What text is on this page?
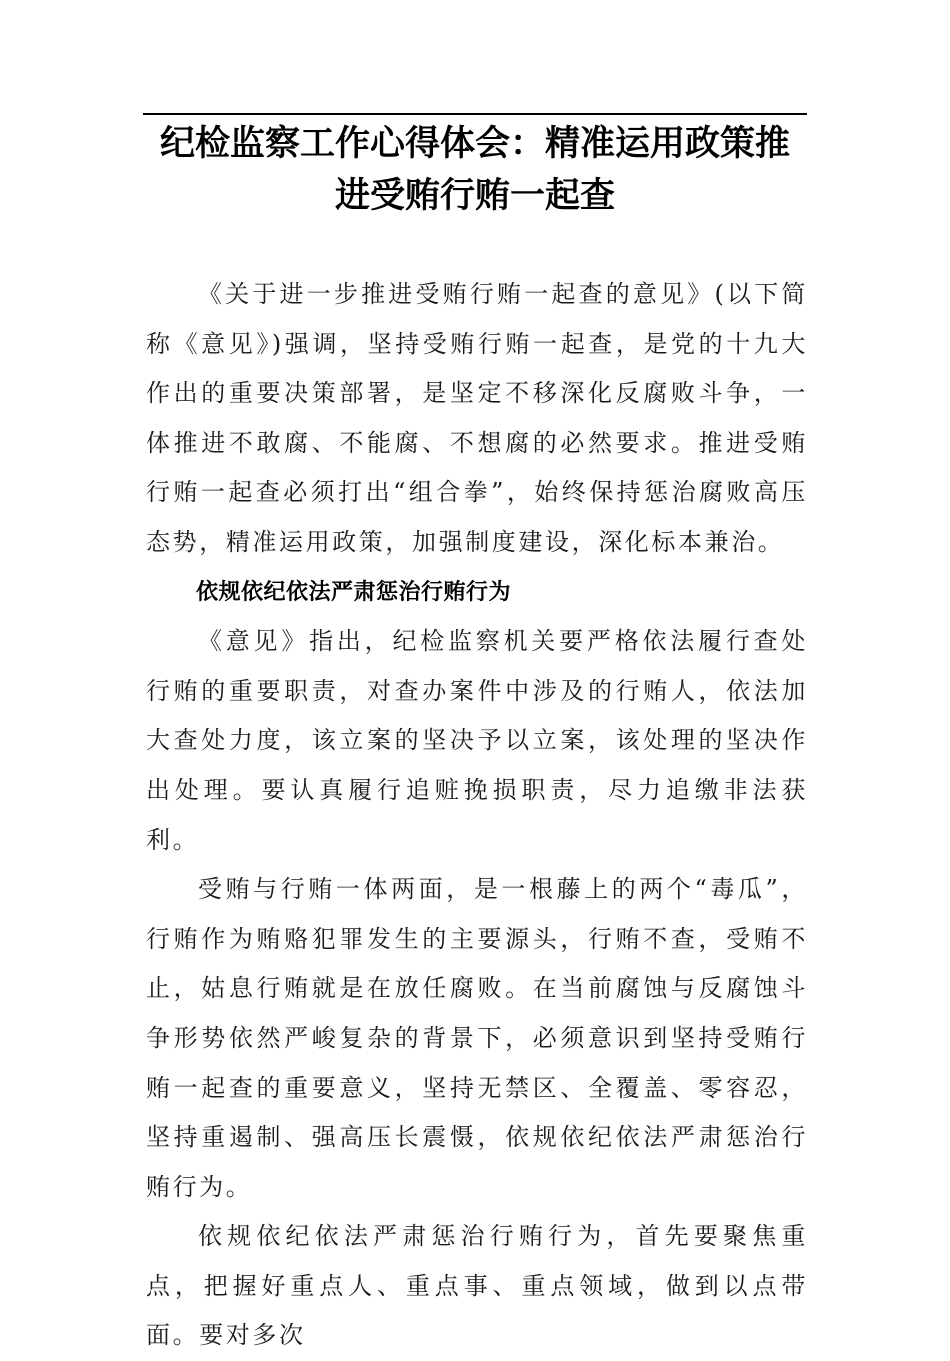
纪检监察工作心得体会：精准运用政策推进受贿行贿一起查

《关于进一步推进受贿行贿一起查的意见》(以下简称《意见》)强调，坚持受贿行贿一起查，是党的十九大作出的重要决策部署，是坚定不移深化反腐败斗争，一体推进不敢腐、不能腐、不想腐的必然要求。推进受贿行贿一起查必须打出“组合拳”，始终保持惩治腐败高压态势，精准运用政策，加强制度建设，深化标本兼治。

依规依纪依法严肃惩治行贿行为

《意见》指出，纪检监察机关要严格依法履行查处行贿的重要职责，对查办案件中涉及的行贿人，依法加大查处力度，该立案的坚决予以立案，该处理的坚决作出处理。要认真履行追赃挽损职责，尽力追缴非法获利。

受贿与行贿一体两面，是一根藤上的两个“毒瓜”，行贿作为贿赂犯罪发生的主要源头，行贿不查，受贿不止，姑息行贿就是在放任腐败。在当前腐蚀与反腐蚀斗争形势依然严峻复杂的背景下，必须意识到坚持受贿行贿一起查的重要意义，坚持无禁区、全覆盖、零容忍，坚持重遏制、强高压长震慑，依规依纪依法严肃惩治行贿行为。

依规依纪依法严肃惩治行贿行为，首先要聚焦重点，把握好重点人、重点事、重点领域，做到以点带面。要对多次
